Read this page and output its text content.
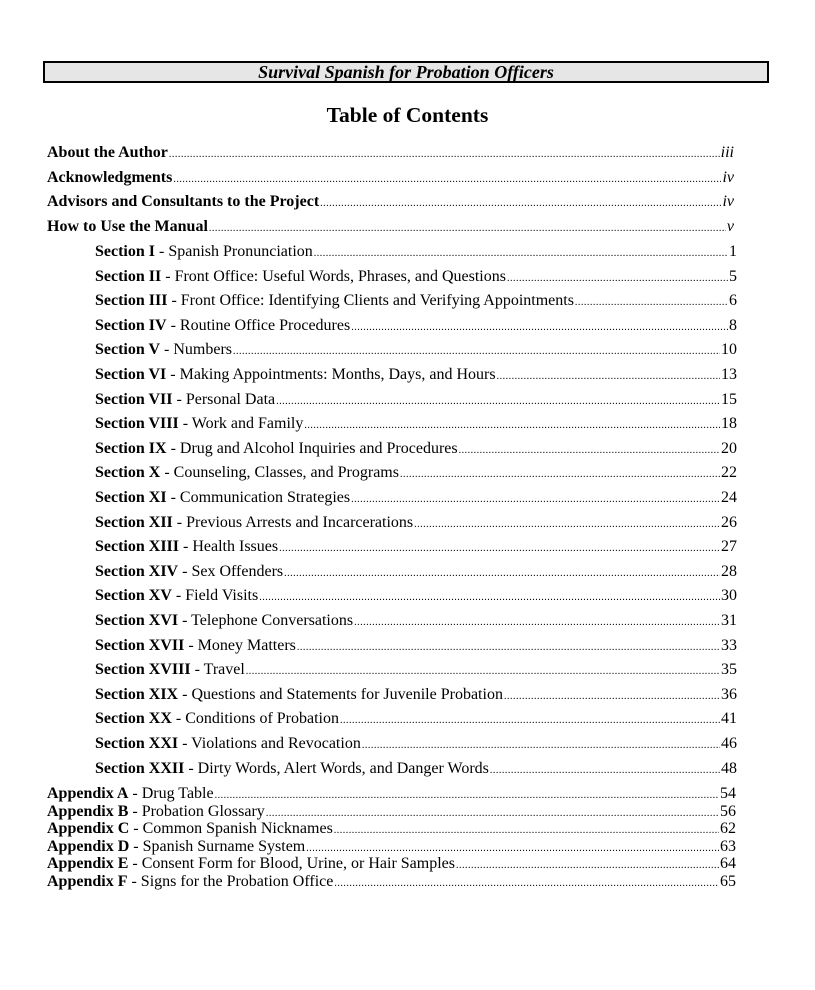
Survival Spanish for Probation Officers
Table of Contents
About the Author .....	iii
Acknowledgments .....	iv
Advisors and Consultants to the Project .....	iv
How to Use the Manual .....	v
Section I - Spanish Pronunciation .....	1
Section II - Front Office: Useful Words, Phrases, and Questions .....	5
Section III - Front Office: Identifying Clients and Verifying Appointments .....	6
Section IV - Routine Office Procedures .....	8
Section V - Numbers .....	10
Section VI - Making Appointments: Months, Days, and Hours .....	13
Section VII - Personal Data .....	15
Section VIII - Work and Family .....	18
Section IX - Drug and Alcohol Inquiries and Procedures .....	20
Section X - Counseling, Classes, and Programs .....	22
Section XI - Communication Strategies .....	24
Section XII - Previous Arrests and Incarcerations .....	26
Section XIII - Health Issues .....	27
Section XIV - Sex Offenders .....	28
Section XV - Field Visits .....	30
Section XVI - Telephone Conversations .....	31
Section XVII - Money Matters .....	33
Section XVIII - Travel .....	35
Section XIX - Questions and Statements for Juvenile Probation .....	36
Section XX - Conditions of Probation .....	41
Section XXI - Violations and Revocation .....	46
Section XXII - Dirty Words, Alert Words, and Danger Words .....	48
Appendix A - Drug Table .....	54
Appendix B - Probation Glossary .....	56
Appendix C - Common Spanish Nicknames .....	62
Appendix D - Spanish Surname System .....	63
Appendix E - Consent Form for Blood, Urine, or Hair Samples .....	64
Appendix F - Signs for the Probation Office .....	65
